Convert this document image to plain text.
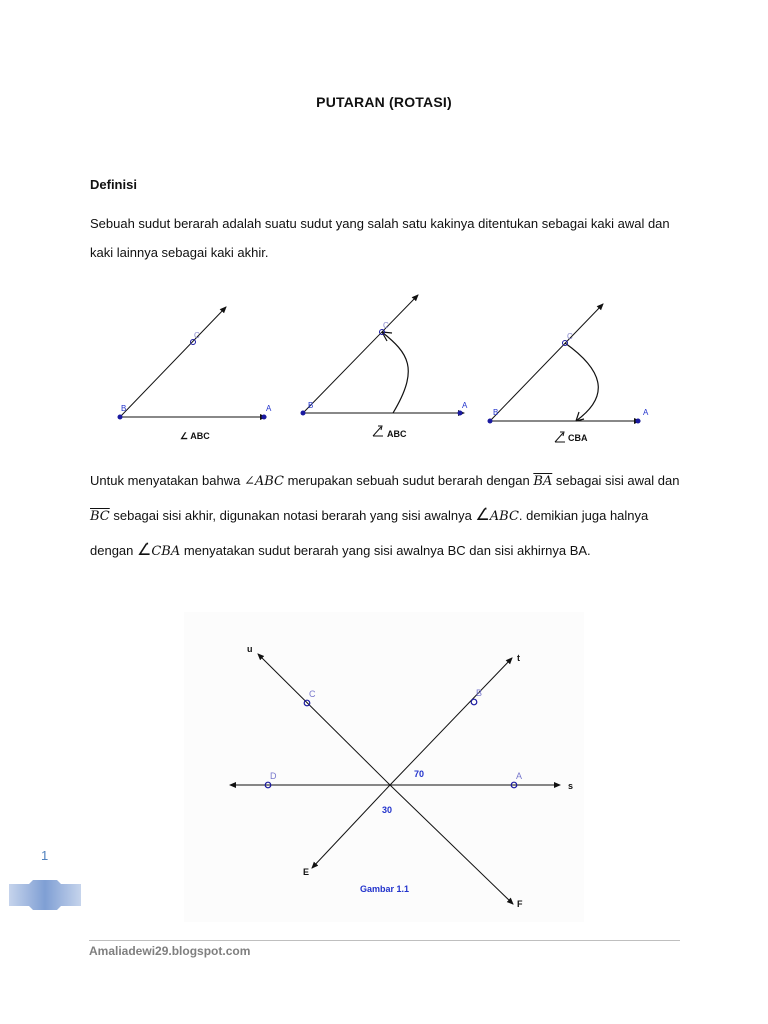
PUTARAN (ROTASI)
Definisi
Sebuah sudut berarah adalah suatu sudut yang salah satu kakinya ditentukan sebagai kaki awal dan kaki lainnya sebagai kaki akhir.
C
B	A
∠ ABC
C
B	A
ABC
C
B	A
CBA
Untuk menyatakan bahwa ∠ABC merupakan sebuah sudut berarah dengan $\overline{BA}$ sebagai sisi awal dan $\overline{BC}$ sebagai sisi akhir, digunakan notasi berarah yang sisi awalnya ∠̇ABC. demikian juga halnya dengan ∠̇CBA menyatakan sudut berarah yang sisi awalnya BC dan sisi akhirnya BA.
u
t
s
E
F
C	B
D	A
70
30
Gambar 1.1
1
Amaliadewi29.blogspot.com
